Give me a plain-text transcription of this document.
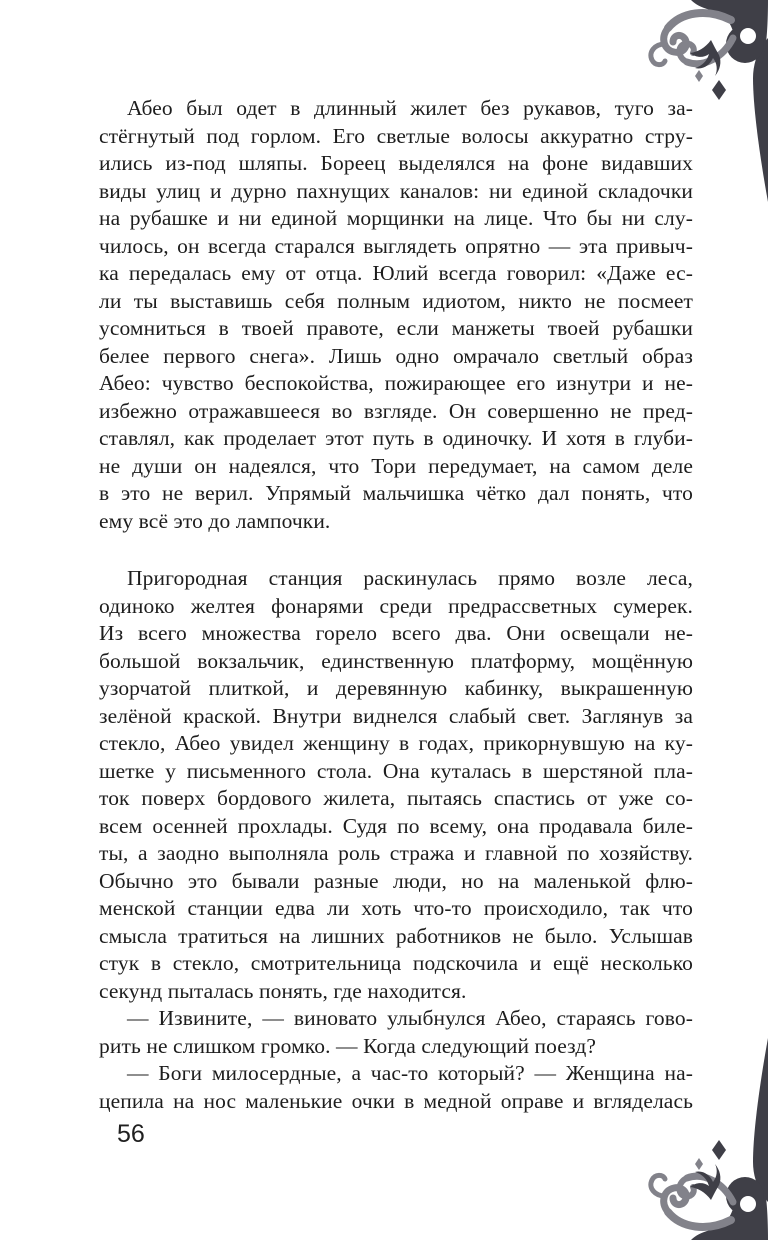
Абео был одет в длинный жилет без рукавов, туго за-
стёгнутый под горлом. Его светлые волосы аккуратно стру-
ились из-под шляпы. Бореец выделялся на фоне видавших
виды улиц и дурно пахнущих каналов: ни единой складочки
на рубашке и ни единой морщинки на лице. Что бы ни слу-
чилось, он всегда старался выглядеть опрятно — эта привыч-
ка передалась ему от отца. Юлий всегда говорил: «Даже ес-
ли ты выставишь себя полным идиотом, никто не посмеет
усомниться в твоей правоте, если манжеты твоей рубашки
белее первого снега». Лишь одно омрачало светлый образ
Абео: чувство беспокойства, пожирающее его изнутри и не-
избежно отражавшееся во взгляде. Он совершенно не пред-
ставлял, как проделает этот путь в одиночку. И хотя в глуби-
не души он надеялся, что Тори передумает, на самом деле
в это не верил. Упрямый мальчишка чётко дал понять, что
ему всё это до лампочки.
Пригородная станция раскинулась прямо возле леса,
одиноко желтея фонарями среди предрассветных сумерек.
Из всего множества горело всего два. Они освещали не-
большой вокзальчик, единственную платформу, мощённую
узорчатой плиткой, и деревянную кабинку, выкрашенную
зелёной краской. Внутри виднелся слабый свет. Заглянув за
стекло, Абео увидел женщину в годах, прикорнувшую на ку-
шетке у письменного стола. Она куталась в шерстяной пла-
ток поверх бордового жилета, пытаясь спастись от уже со-
всем осенней прохлады. Судя по всему, она продавала биле-
ты, а заодно выполняла роль стража и главной по хозяйству.
Обычно это бывали разные люди, но на маленькой флю-
менской станции едва ли хоть что-то происходило, так что
смысла тратиться на лишних работников не было. Услышав
стук в стекло, смотрительница подскочила и ещё несколько
секунд пыталась понять, где находится.
— Извините, — виновато улыбнулся Абео, стараясь гово-
рить не слишком громко. — Когда следующий поезд?
— Боги милосердные, а час-то который? — Женщина на-
цепила на нос маленькие очки в медной оправе и вгляделась
56
